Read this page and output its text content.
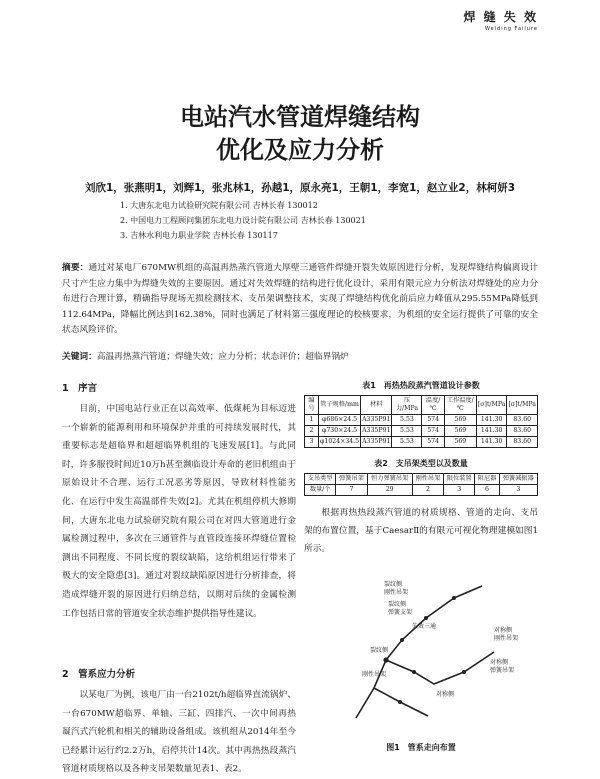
焊 缝 失 效
Welding Failure
电站汽水管道焊缝结构
优化及应力分析
刘欣1，张燕明1，刘辉1，张兆林1，孙越1，原永亮1，王朝1，李宽1，赵立业2，林柯妍3
1. 大唐东北电力试验研究院有限公司 吉林长春 130012
2. 中国电力工程顾问集团东北电力设计院有限公司 吉林长春 130021
3. 吉林水利电力职业学院 吉林长春 130117
摘要：通过对某电厂670MW机组的高温再热蒸汽管道大厚壁三通管件焊缝开裂失效原因进行分析，发现焊缝结构偏离设计尺寸产生应力集中为焊缝失效的主要原因。通过对失效焊缝的结构进行优化设计，采用有限元应力分析法对焊缝处的应力分布进行合理计算，精确指导现场无损检测技术、支吊架调整技术，实现了焊缝结构优化前后应力峰值从295.55MPa降低到112.64MPa，降幅比例达到162.38%，同时也满足了材料第三强度理论的校核要求，为机组的安全运行提供了可靠的安全状态风险评价。
关键词：高温再热蒸汽管道；焊缝失效；应力分析；状态评价；超临界锅炉
1　序言

目前，中国电站行业正在以高效率、低煤耗为目标迈进一个崭新的能源利用和环境保护并重的可持续发展时代，其重要标志是超临界和超超临界机组的飞速发展[1]。与此同时，许多服役时间近10万h甚至濒临设计寿命的老旧机组由于原始设计不合理、运行工况恶劣等原因，导致材料性能劣化、在运行中发生高温部件失效[2]。尤其在机组停机大修期间，大唐东北电力试验研究院有限公司在对四大管道进行金属检测过程中，多次在三通管件与直管段连接环焊缝位置检测出不同程度、不同长度的裂纹缺陷，这给机组运行带来了极大的安全隐患[3]。通过对裂纹缺陷原因进行分析排查，将造成焊缝开裂的原因进行归纳总结，以期对后续的金属检测工作包括日常的管道安全状态维护提供指导性建议。

2　管系应力分析

以某电厂为例，该电厂由一台2102t/h超临界直流锅炉、一台670MW超临界、单轴、三缸、四排汽、一次中间再热凝汽式汽轮机和相关的辅助设备组成。该机组从2014年至今已经累计运行约2.2万h，启停共计14次。其中再热热段蒸汽管道材质规格以及各种支吊架数量见表1、表2。

表1　再热热段蒸汽管道设计参数
编号	管子规格/mm	材料	压力/MPa	温度/℃	工作温度/℃	[σ]t/MPa	[σ]t/MPa
1	φ686×24.5	A335P91	5.53	574	569	141.30	83.60
2	φ730×24.5	A335P91	5.53	574	569	141.30	83.60
3	φ1024×34.5	A335P91	5.53	574	569	141.30	83.60
表2　支吊架类型以及数量
支吊类型	弹簧吊架	恒力弹簧吊架	刚性吊架	限位装置	阻尼器	弹簧减振器
数量/个	7	29	2	3	6	3

根据再热热段蒸汽管道的材质规格、管道的走向、支吊架的布置位置，基于CaesarⅡ的有限元可视化物理建模如图1所示。

裂纹侧
刚性吊架
裂纹侧
弹簧支架
失效三通
裂纹侧
刚性吊架
对称侧
刚性吊架
对称侧
弹簧吊架
对称侧
图1　管系走向布置
